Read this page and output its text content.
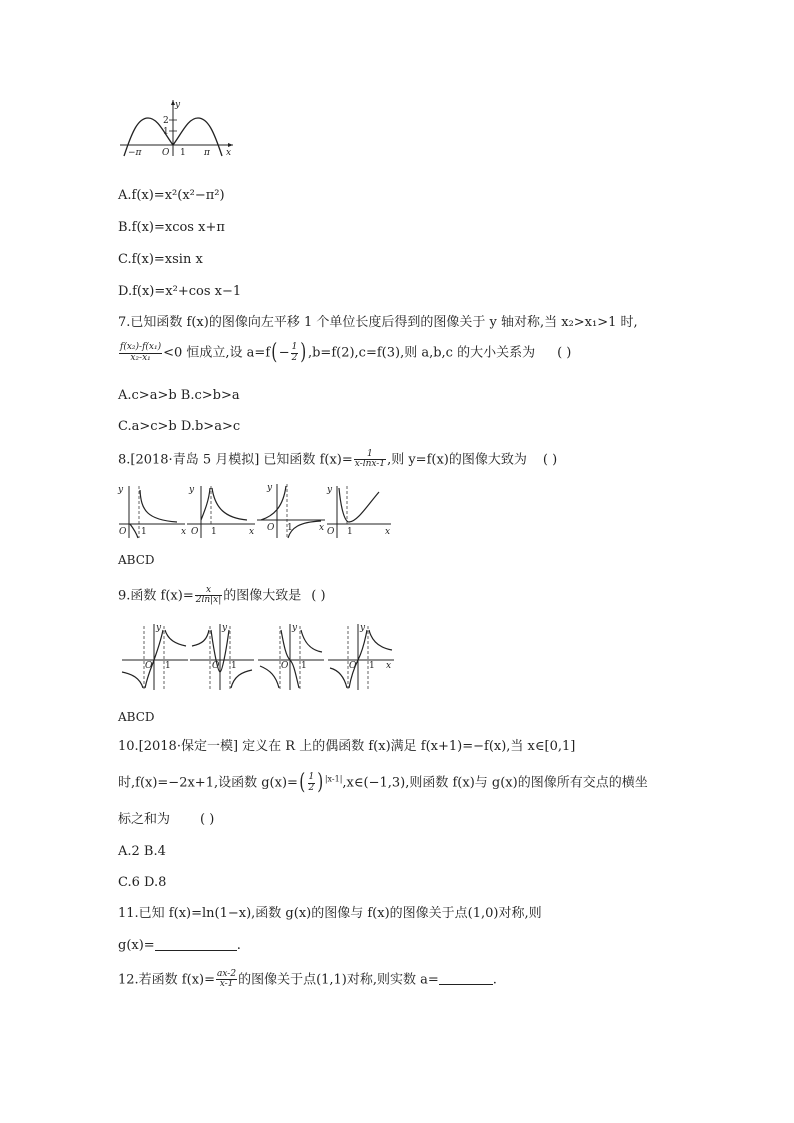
y
2
1
−π O 1 π x
A.f(x)=x²(x²−π²)
B.f(x)=xcos x+π
C.f(x)=xsin x
D.f(x)=x²+cos x−1
7.已知函数 f(x)的图像向左平移 1 个单位长度后得到的图像关于 y 轴对称,当 x₂>x₁>1 时,
$\frac{\text{f(x₂)-f(x₁)}}{\text{x₂-x₁}} <0$ 恒成立,设 $a=f(- \frac{1}{2} ),b=f(2),c=f(3)$,则 a,b,c 的大小关系为 ( )
A.c>a>b B.c>b>a
C.a>c>b D.b>a>c
8.[2018·青岛 5 月模拟] 已知函数 $f(x)= \frac{1}{x-\ln x-1}$ ,则 y=f(x)的图像大致为 ( )
y
O 1	x
y
O 1	x
y
O 1	x
y
O 1	x
ABCD
9.函数 $f(x)= \frac{x}{2\ln|x|}$ 的图像大致是 ( )
y
O 1
y
O 1
y
O 1
y
O 1 x
ABCD
10.[2018·保定一模] 定义在 R 上的偶函数 f(x)满足 f(x+1)=−f(x),当 x∈[0,1]
时,f(x)=−2x+1,设函数 $g(x)=( \frac{1}{2}$ )$^{|x-1|},x\in(-1,3)$,则函数 f(x)与 g(x)的图像所有交点的横坐
标之和为 ( )
A.2 B.4
C.6 D.8
11.已知 f(x)=ln(1−x),函数 g(x)的图像与 f(x)的图像关于点(1,0)对称,则
g(x)=	.
12.若函数 $f(x)= \frac{ax-2}{x-1}$ 的图像关于点(1,1)对称,则实数 a=	.
